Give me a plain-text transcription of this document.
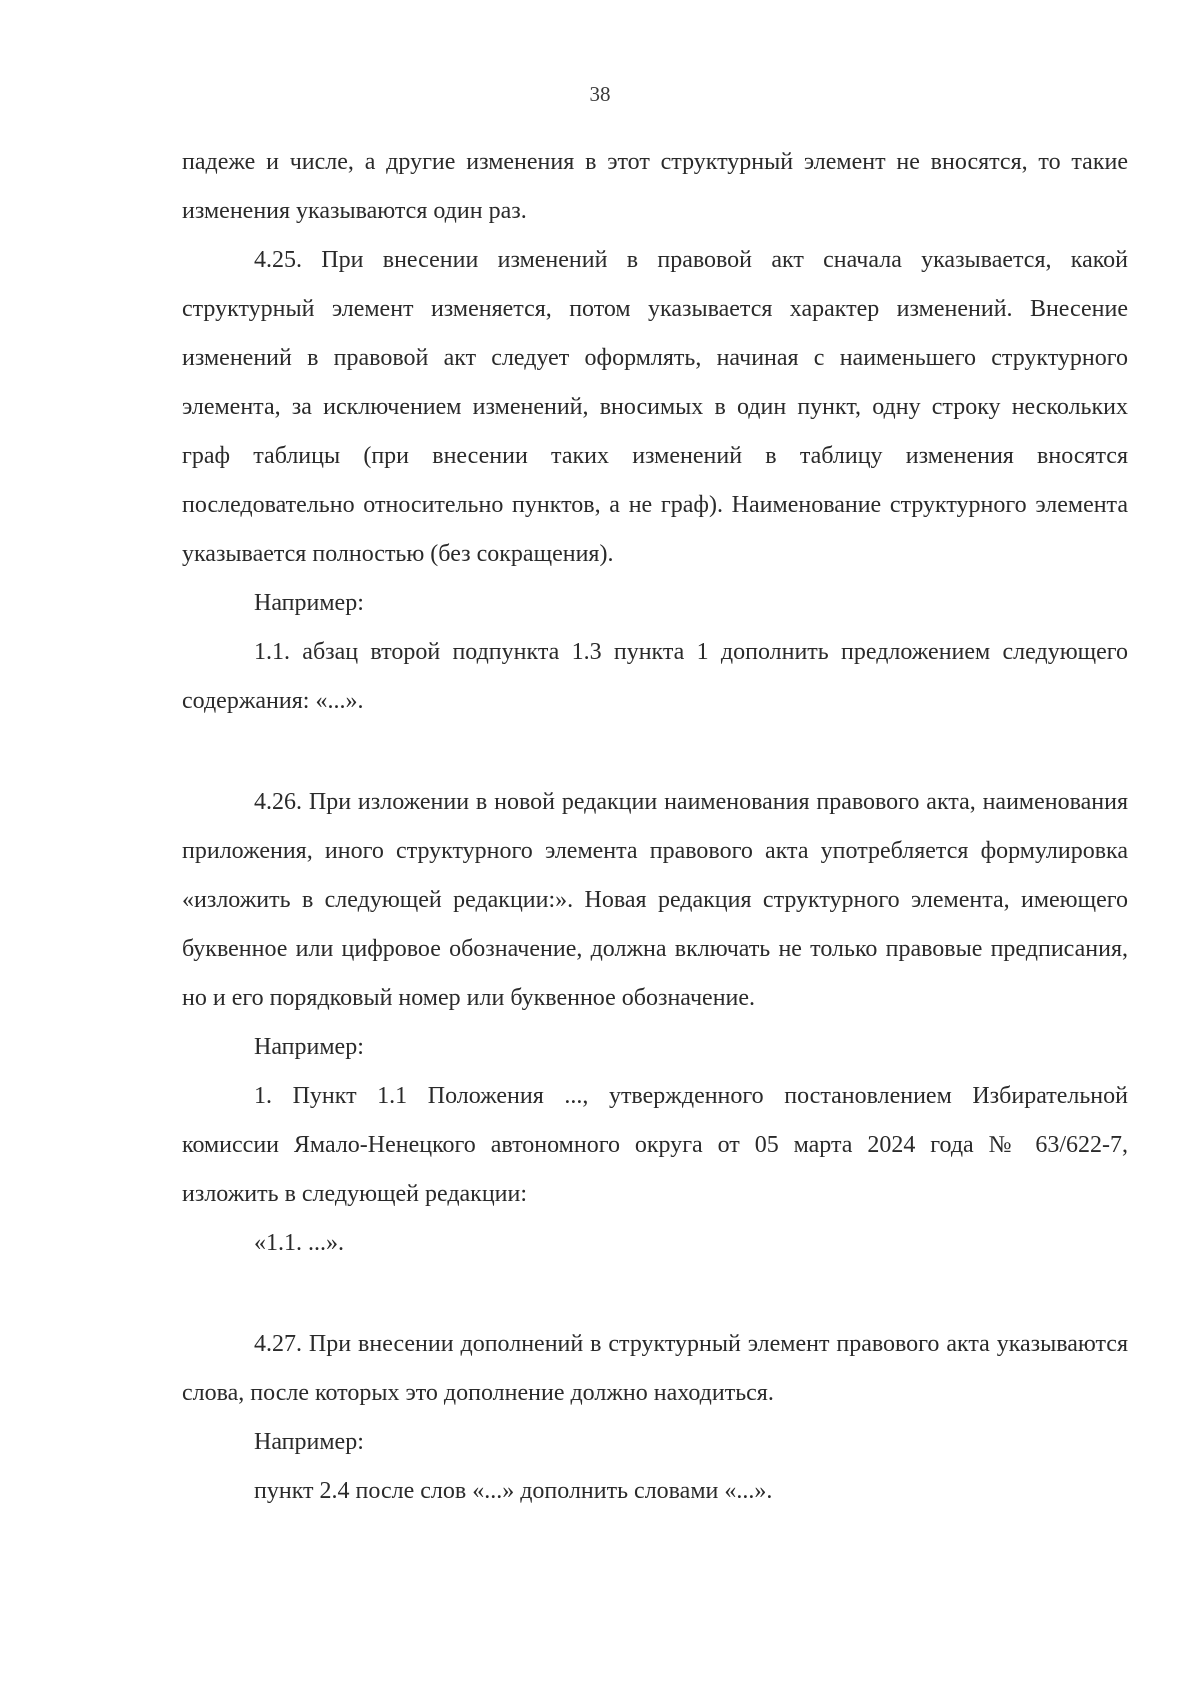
38

падеже и числе, а другие изменения в этот структурный элемент не вносятся, то такие изменения указываются один раз.

4.25. При внесении изменений в правовой акт сначала указывается, какой структурный элемент изменяется, потом указывается характер изменений. Внесение изменений в правовой акт следует оформлять, начиная с наименьшего структурного элемента, за исключением изменений, вносимых в один пункт, одну строку нескольких граф таблицы (при внесении таких изменений в таблицу изменения вносятся последовательно относительно пунктов, а не граф). Наименование структурного элемента указывается полностью (без сокращения).

Например:

1.1. абзац второй подпункта 1.3 пункта 1 дополнить предложением следующего содержания: «...».

4.26. При изложении в новой редакции наименования правового акта, наименования приложения, иного структурного элемента правового акта употребляется формулировка «изложить в следующей редакции:». Новая редакция структурного элемента, имеющего буквенное или цифровое обозначение, должна включать не только правовые предписания, но и его порядковый номер или буквенное обозначение.

Например:

1. Пункт 1.1 Положения ..., утвержденного постановлением Избирательной комиссии Ямало-Ненецкого автономного округа от 05 марта 2024 года № 63/622-7, изложить в следующей редакции:

«1.1. ...».

4.27. При внесении дополнений в структурный элемент правового акта указываются слова, после которых это дополнение должно находиться.

Например:

пункт 2.4 после слов «...» дополнить словами «...».
